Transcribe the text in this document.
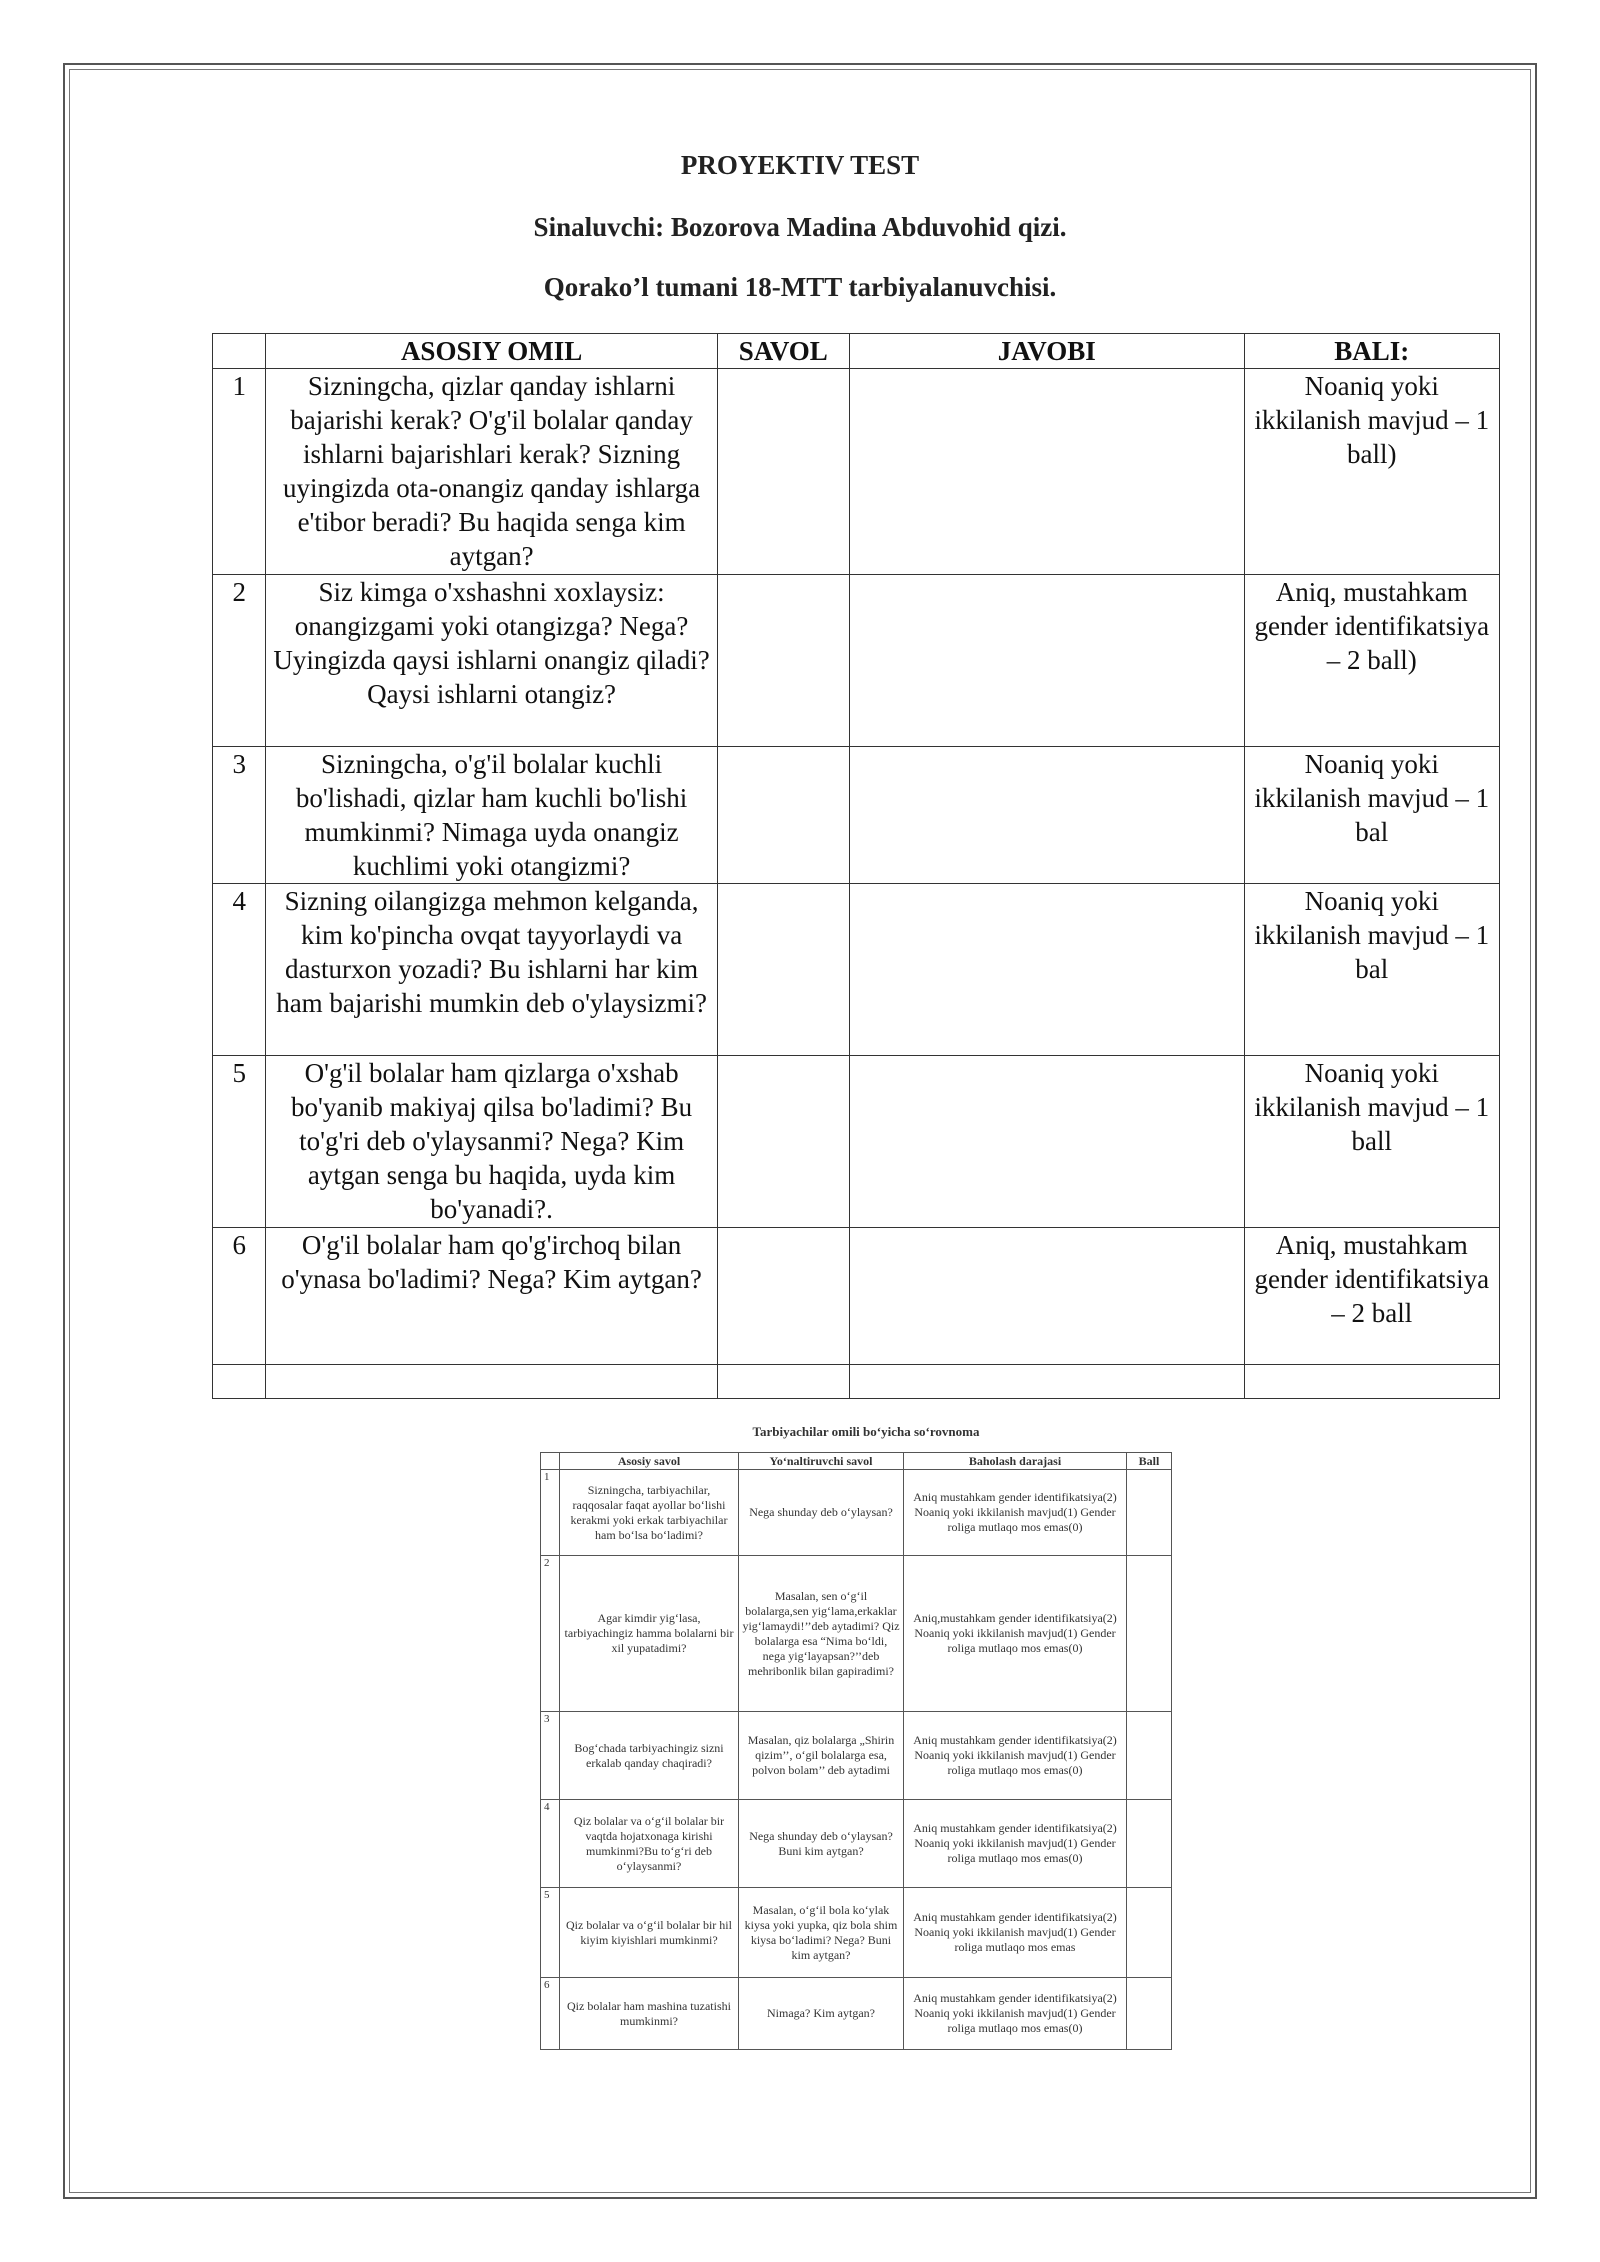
PROYEKTIV TEST
Sinaluvchi: Bozorova Madina Abduvohid qizi.
Qorako’l tumani 18-MTT tarbiyalanuvchisi.
	ASOSIY OMIL	SAVOL	JAVOBI	BALI:
1	Sizningcha, qizlar qanday ishlarni bajarishi kerak? O'g'il bolalar qanday ishlarni bajarishlari kerak? Sizning uyingizda ota-onangiz qanday ishlarga e'tibor beradi? Bu haqida senga kim aytgan?			Noaniq yoki ikkilanish mavjud – 1 ball)
2	Siz kimga o'xshashni xoxlaysiz: onangizgami yoki otangizga? Nega? Uyingizda qaysi ishlarni onangiz qiladi? Qaysi ishlarni otangiz?			Aniq, mustahkam gender identifikatsiya – 2 ball)
3	Sizningcha, o'g'il bolalar kuchli bo'lishadi, qizlar ham kuchli bo'lishi mumkinmi? Nimaga uyda onangiz kuchlimi yoki otangizmi?			Noaniq yoki ikkilanish mavjud – 1 bal
4	Sizning oilangizga mehmon kelganda, kim ko'pincha ovqat tayyorlaydi va dasturxon yozadi? Bu ishlarni har kim ham bajarishi mumkin deb o'ylaysizmi?			Noaniq yoki ikkilanish mavjud – 1 bal
5	O'g'il bolalar ham qizlarga o'xshab bo'yanib makiyaj qilsa bo'ladimi? Bu to'g'ri deb o'ylaysanmi? Nega? Kim aytgan senga bu haqida, uyda kim bo'yanadi?.			Noaniq yoki ikkilanish mavjud – 1 ball
6	O'g'il bolalar ham qo'g'irchoq bilan o'ynasa bo'ladimi? Nega? Kim aytgan?			Aniq, mustahkam gender identifikatsiya – 2 ball

Tarbiyachilar omili bo‘yicha so‘rovnoma
	Asosiy savol	Yo‘naltiruvchi savol	Baholash darajasi	Ball
1	Sizningcha, tarbiyachilar, raqqosalar faqat ayollar bo‘lishi kerakmi yoki erkak tarbiyachilar ham bo‘lsa bo‘ladimi?	Nega shunday deb o‘ylaysan?	Aniq mustahkam gender identifikatsiya(2) Noaniq yoki ikkilanish mavjud(1) Gender roliga mutlaqo mos emas(0)	
2	Agar kimdir yig‘lasa, tarbiyachingiz hamma bolalarni bir xil yupatadimi?	Masalan, sen o‘g‘il bolalarga,sen yig‘lama,erkaklar yig‘lamaydi!’’deb aytadimi? Qiz bolalarga esa “Nima bo‘ldi, nega yig‘layapsan?’’deb mehribonlik bilan gapiradimi?	Aniq,mustahkam gender identifikatsiya(2) Noaniq yoki ikkilanish mavjud(1) Gender roliga mutlaqo mos emas(0)	
3	Bog‘chada tarbiyachingiz sizni erkalab qanday chaqiradi?	Masalan, qiz bolalarga „Shirin qizim’’, o‘gil bolalarga esa, polvon bolam’’ deb aytadimi	Aniq mustahkam gender identifikatsiya(2) Noaniq yoki ikkilanish mavjud(1) Gender roliga mutlaqo mos emas(0)	
4	Qiz bolalar va o‘g‘il bolalar bir vaqtda hojatxonaga kirishi mumkinmi?Bu to‘g‘ri deb o‘ylaysanmi?	Nega shunday deb o‘ylaysan? Buni kim aytgan?	Aniq mustahkam gender identifikatsiya(2) Noaniq yoki ikkilanish mavjud(1) Gender roliga mutlaqo mos emas(0)	
5	Qiz bolalar va o‘g‘il bolalar bir hil kiyim kiyishlari mumkinmi?	Masalan, o‘g‘il bola ko‘ylak kiysa yoki yupka, qiz bola shim kiysa bo‘ladimi? Nega? Buni kim aytgan?	Aniq mustahkam gender identifikatsiya(2) Noaniq yoki ikkilanish mavjud(1) Gender roliga mutlaqo mos emas	
6	Qiz bolalar ham mashina tuzatishi mumkinmi?	Nimaga? Kim aytgan?	Aniq mustahkam gender identifikatsiya(2) Noaniq yoki ikkilanish mavjud(1) Gender roliga mutlaqo mos emas(0)	
